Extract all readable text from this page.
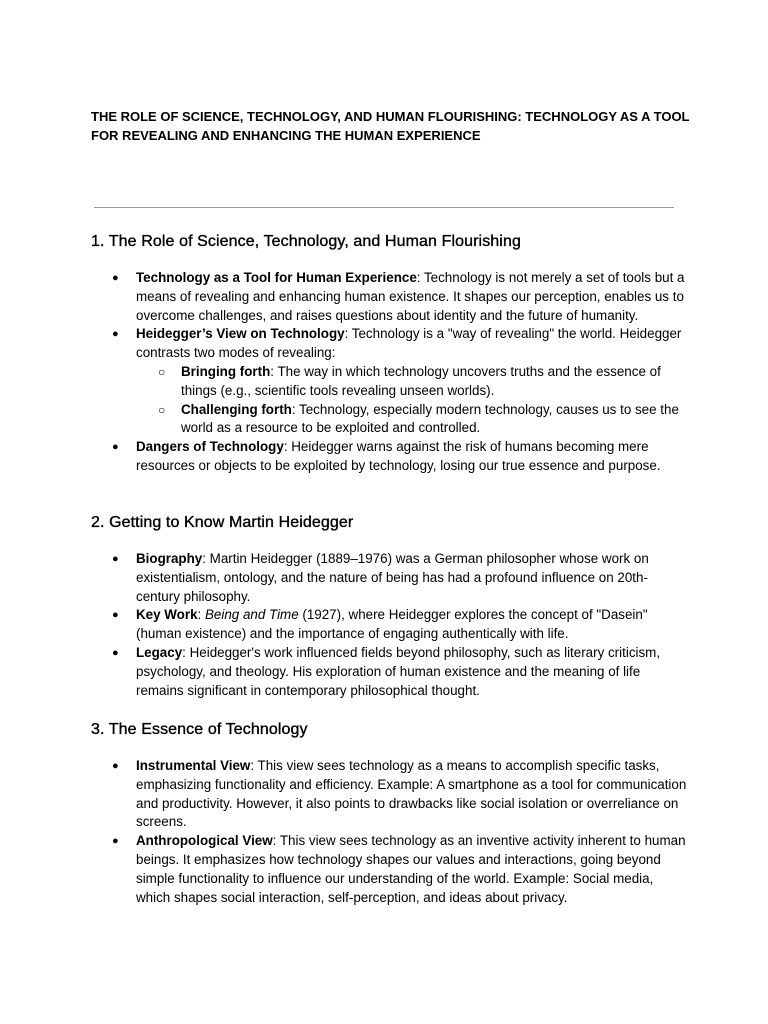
THE ROLE OF SCIENCE, TECHNOLOGY, AND HUMAN FLOURISHING: TECHNOLOGY AS A TOOL FOR REVEALING AND ENHANCING THE HUMAN EXPERIENCE
1. The Role of Science, Technology, and Human Flourishing
● Technology as a Tool for Human Experience: Technology is not merely a set of tools but a means of revealing and enhancing human existence. It shapes our perception, enables us to overcome challenges, and raises questions about identity and the future of humanity.
● Heidegger’s View on Technology: Technology is a "way of revealing" the world. Heidegger contrasts two modes of revealing:
○ Bringing forth: The way in which technology uncovers truths and the essence of things (e.g., scientific tools revealing unseen worlds).
○ Challenging forth: Technology, especially modern technology, causes us to see the world as a resource to be exploited and controlled.
● Dangers of Technology: Heidegger warns against the risk of humans becoming mere resources or objects to be exploited by technology, losing our true essence and purpose.
2. Getting to Know Martin Heidegger
● Biography: Martin Heidegger (1889–1976) was a German philosopher whose work on existentialism, ontology, and the nature of being has had a profound influence on 20th-century philosophy.
● Key Work: Being and Time (1927), where Heidegger explores the concept of "Dasein" (human existence) and the importance of engaging authentically with life.
● Legacy: Heidegger's work influenced fields beyond philosophy, such as literary criticism, psychology, and theology. His exploration of human existence and the meaning of life remains significant in contemporary philosophical thought.
3. The Essence of Technology
● Instrumental View: This view sees technology as a means to accomplish specific tasks, emphasizing functionality and efficiency. Example: A smartphone as a tool for communication and productivity. However, it also points to drawbacks like social isolation or overreliance on screens.
● Anthropological View: This view sees technology as an inventive activity inherent to human beings. It emphasizes how technology shapes our values and interactions, going beyond simple functionality to influence our understanding of the world. Example: Social media, which shapes social interaction, self-perception, and ideas about privacy.
